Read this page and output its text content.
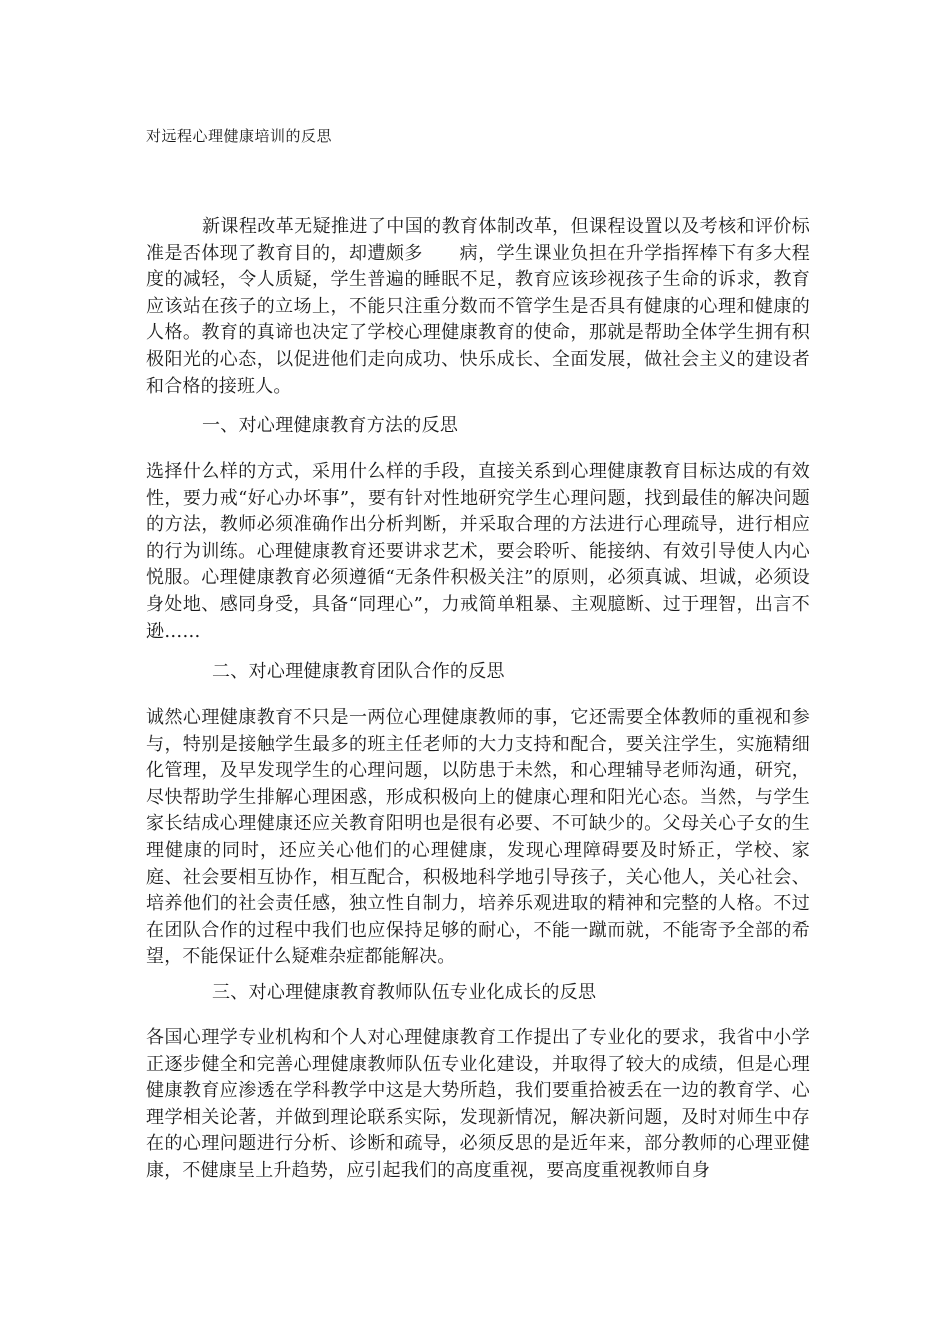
对远程心理健康培训的反思

新课程改革无疑推进了中国的教育体制改革，但课程设置以及考核和评价标准是否体现了教育目的，却遭颇多　　病，学生课业负担在升学指挥棒下有多大程度的减轻，令人质疑，学生普遍的睡眠不足，教育应该珍视孩子生命的诉求，教育应该站在孩子的立场上，不能只注重分数而不管学生是否具有健康的心理和健康的人格。教育的真谛也决定了学校心理健康教育的使命，那就是帮助全体学生拥有积极阳光的心态，以促进他们走向成功、快乐成长、全面发展，做社会主义的建设者和合格的接班人。

一、对心理健康教育方法的反思

选择什么样的方式，采用什么样的手段，直接关系到心理健康教育目标达成的有效性，要力戒“好心办坏事”，要有针对性地研究学生心理问题，找到最佳的解决问题的方法，教师必须准确作出分析判断，并采取合理的方法进行心理疏导，进行相应的行为训练。心理健康教育还要讲求艺术，要会聆听、能接纳、有效引导使人内心悦服。心理健康教育必须遵循“无条件积极关注”的原则，必须真诚、坦诚，必须设身处地、感同身受，具备“同理心”，力戒简单粗暴、主观臆断、过于理智，出言不逊……

二、对心理健康教育团队合作的反思

诚然心理健康教育不只是一两位心理健康教师的事，它还需要全体教师的重视和参与，特别是接触学生最多的班主任老师的大力支持和配合，要关注学生，实施精细化管理，及早发现学生的心理问题，以防患于未然，和心理辅导老师沟通，研究，尽快帮助学生排解心理困惑，形成积极向上的健康心理和阳光心态。当然，与学生家长结成心理健康还应关教育阳明也是很有必要、不可缺少的。父母关心子女的生理健康的同时，还应关心他们的心理健康，发现心理障碍要及时矫正，学校、家庭、社会要相互协作，相互配合，积极地科学地引导孩子，关心他人，关心社会、培养他们的社会责任感，独立性自制力，培养乐观进取的精神和完整的人格。不过在团队合作的过程中我们也应保持足够的耐心，不能一蹴而就，不能寄予全部的希望，不能保证什么疑难杂症都能解决。

三、对心理健康教育教师队伍专业化成长的反思

各国心理学专业机构和个人对心理健康教育工作提出了专业化的要求，我省中小学正逐步健全和完善心理健康教师队伍专业化建设，并取得了较大的成绩，但是心理健康教育应渗透在学科教学中这是大势所趋，我们要重拾被丢在一边的教育学、心理学相关论著，并做到理论联系实际，发现新情况，解决新问题，及时对师生中存在的心理问题进行分析、诊断和疏导，必须反思的是近年来，部分教师的心理亚健康，不健康呈上升趋势，应引起我们的高度重视，要高度重视教师自身
